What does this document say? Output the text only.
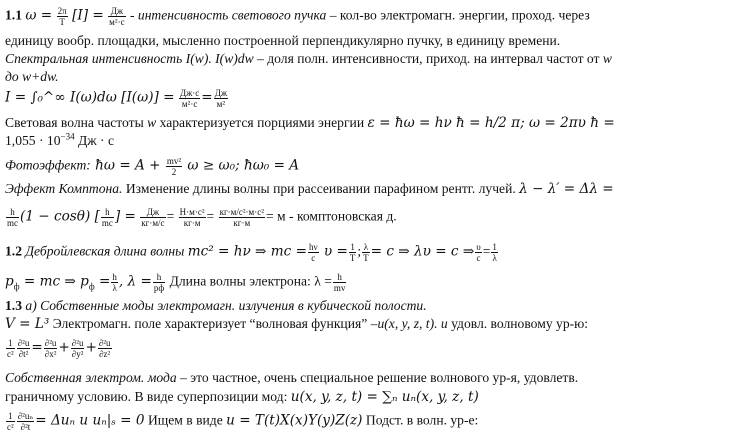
1.1 $\omega = \frac{2\pi}{T} [I]$ = Дж
м²·с - интенсивность светового пучка – кол-во электромагн. энергии, проход. через
единицу вообр. площадки, мысленно построенной перпендикулярно пучку, в единицу времени.
Спектральная интенсивность I(w). I(w)dw – доля полн. интенсивности, приход. на интервал частот от w
до w+dw.
I = ∫₀^∞ I(ω)dω [I(ω)] = Дж·с
м²·с = Дж
м²
Световая волна частоты w характеризуется порциями энергии ε = ħω = hν ħ = h/2 π; ω = 2πυ ħ =
$1,055 \cdot 10^{-34}$ Дж · с
Фотоэффект: ħω = $A + \frac{\text{mv²}}{2}$ ω ≥ ω₀; ħω₀ = A
Эффект Комптона. Изменение длины волны при рассеивании парафином рентг. лучей. λ − λ′ = Δλ =
$\frac{h}{mc} (1 - \cos\theta)$ [ $\frac{h}{mc}$ ] =	Дж
кг·м/с = Н·м·с²
кг·м = кг·м/с²·м·с²
кг·м	= м - комптоновская д.
1.2 Дебройлевская длина волны mc² = hν ⇒ mc = $\frac{h\nu}{c}$ $\upsilon = \frac{1}{T}$ ; $\frac{\lambda}{T} = c$ ⇒ λυ = c ⇒ $\frac{\upsilon}{c} = \frac{1}{\lambda}$
$p_ф$ = mc ⇒ $p_ф = \frac{h}{\lambda}$ , λ = h
pф Длина волны электрона: $\lambda = \frac{h}{mv}$
1.3 а) Собственные моды электромагн. излучения в кубической полости.
V = L³ Электромагн. поле характеризует “волновая функция” –u(x, y, z, t). u удовл. волновому ур-ю:
$\frac{1}{\text{c²}} \frac{\text{∂²u}}{\text{∂t²}} = \frac{\text{∂²u}}{\text{∂x²}} + \frac{\text{∂²u}}{\text{∂y²}} + \frac{\text{∂²u}}{\text{∂z²}}$
Собственная электром. мода – это частное, очень специальное решение волнового ур-я, удовлетв.
граничному условию. В виде суперпозиции мод: u(x, y, z, t) = ∑ₙ uₙ(x, y, z, t)
$\frac{1}{\text{c²}} \frac{\text{∂²uₙ}}{\text{∂²t}} = \Delta u_n$ и uₙ|ₛ = 0 Ищем в виде u = T(t)X(x)Y(y)Z(z) Подст. в волн. ур-е:
